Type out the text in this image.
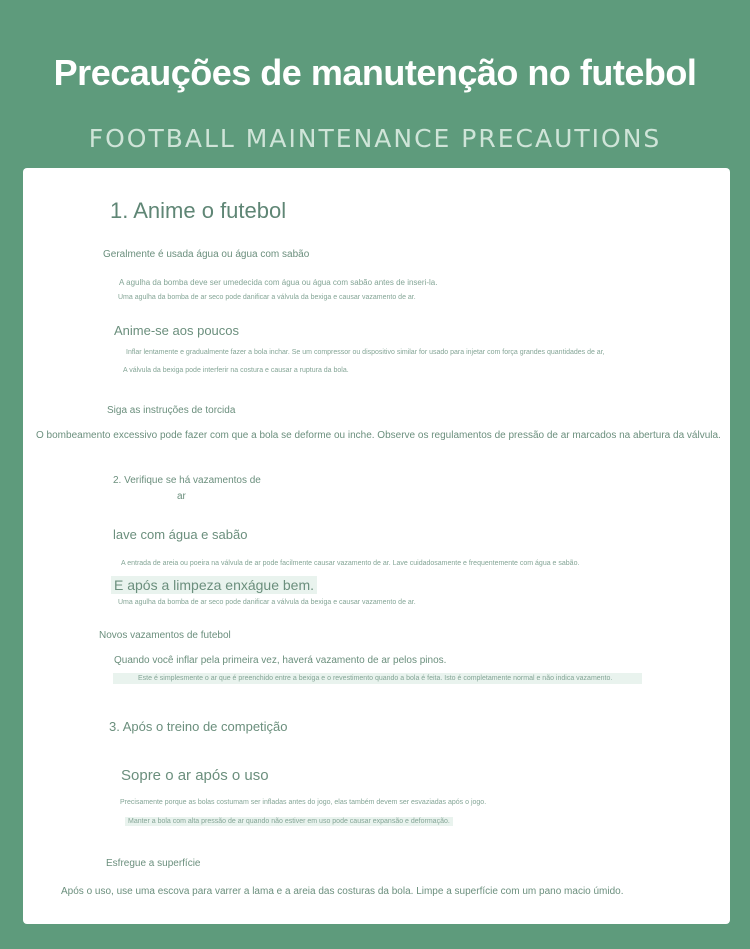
Precauções de manutenção no futebol
FOOTBALL MAINTENANCE PRECAUTIONS
1. Anime o futebol
Geralmente é usada água ou água com sabão
A agulha da bomba deve ser umedecida com água ou água com sabão antes de inseri-la.
Uma agulha da bomba de ar seco pode danificar a válvula da bexiga e causar vazamento de ar.
Anime-se aos poucos
Inflar lentamente e gradualmente fazer a bola inchar. Se um compressor ou dispositivo similar for usado para injetar com força grandes quantidades de ar,
A válvula da bexiga pode interferir na costura e causar a ruptura da bola.
Siga as instruções de torcida
O bombeamento excessivo pode fazer com que a bola se deforme ou inche. Observe os regulamentos de pressão de ar marcados na abertura da válvula.
2. Verifique se há vazamentos de
ar
lave com água e sabão
A entrada de areia ou poeira na válvula de ar pode facilmente causar vazamento de ar. Lave cuidadosamente e frequentemente com água e sabão.
E após a limpeza enxágue bem.
Uma agulha da bomba de ar seco pode danificar a válvula da bexiga e causar vazamento de ar.
Novos vazamentos de futebol
Quando você inflar pela primeira vez, haverá vazamento de ar pelos pinos.
Este é simplesmente o ar que é preenchido entre a bexiga e o revestimento quando a bola é feita. Isto é completamente normal e não indica vazamento.
3. Após o treino de competição
Sopre o ar após o uso
Precisamente porque as bolas costumam ser infladas antes do jogo, elas também devem ser esvaziadas após o jogo.
Manter a bola com alta pressão de ar quando não estiver em uso pode causar expansão e deformação.
Esfregue a superfície
Após o uso, use uma escova para varrer a lama e a areia das costuras da bola. Limpe a superfície com um pano macio úmido.
